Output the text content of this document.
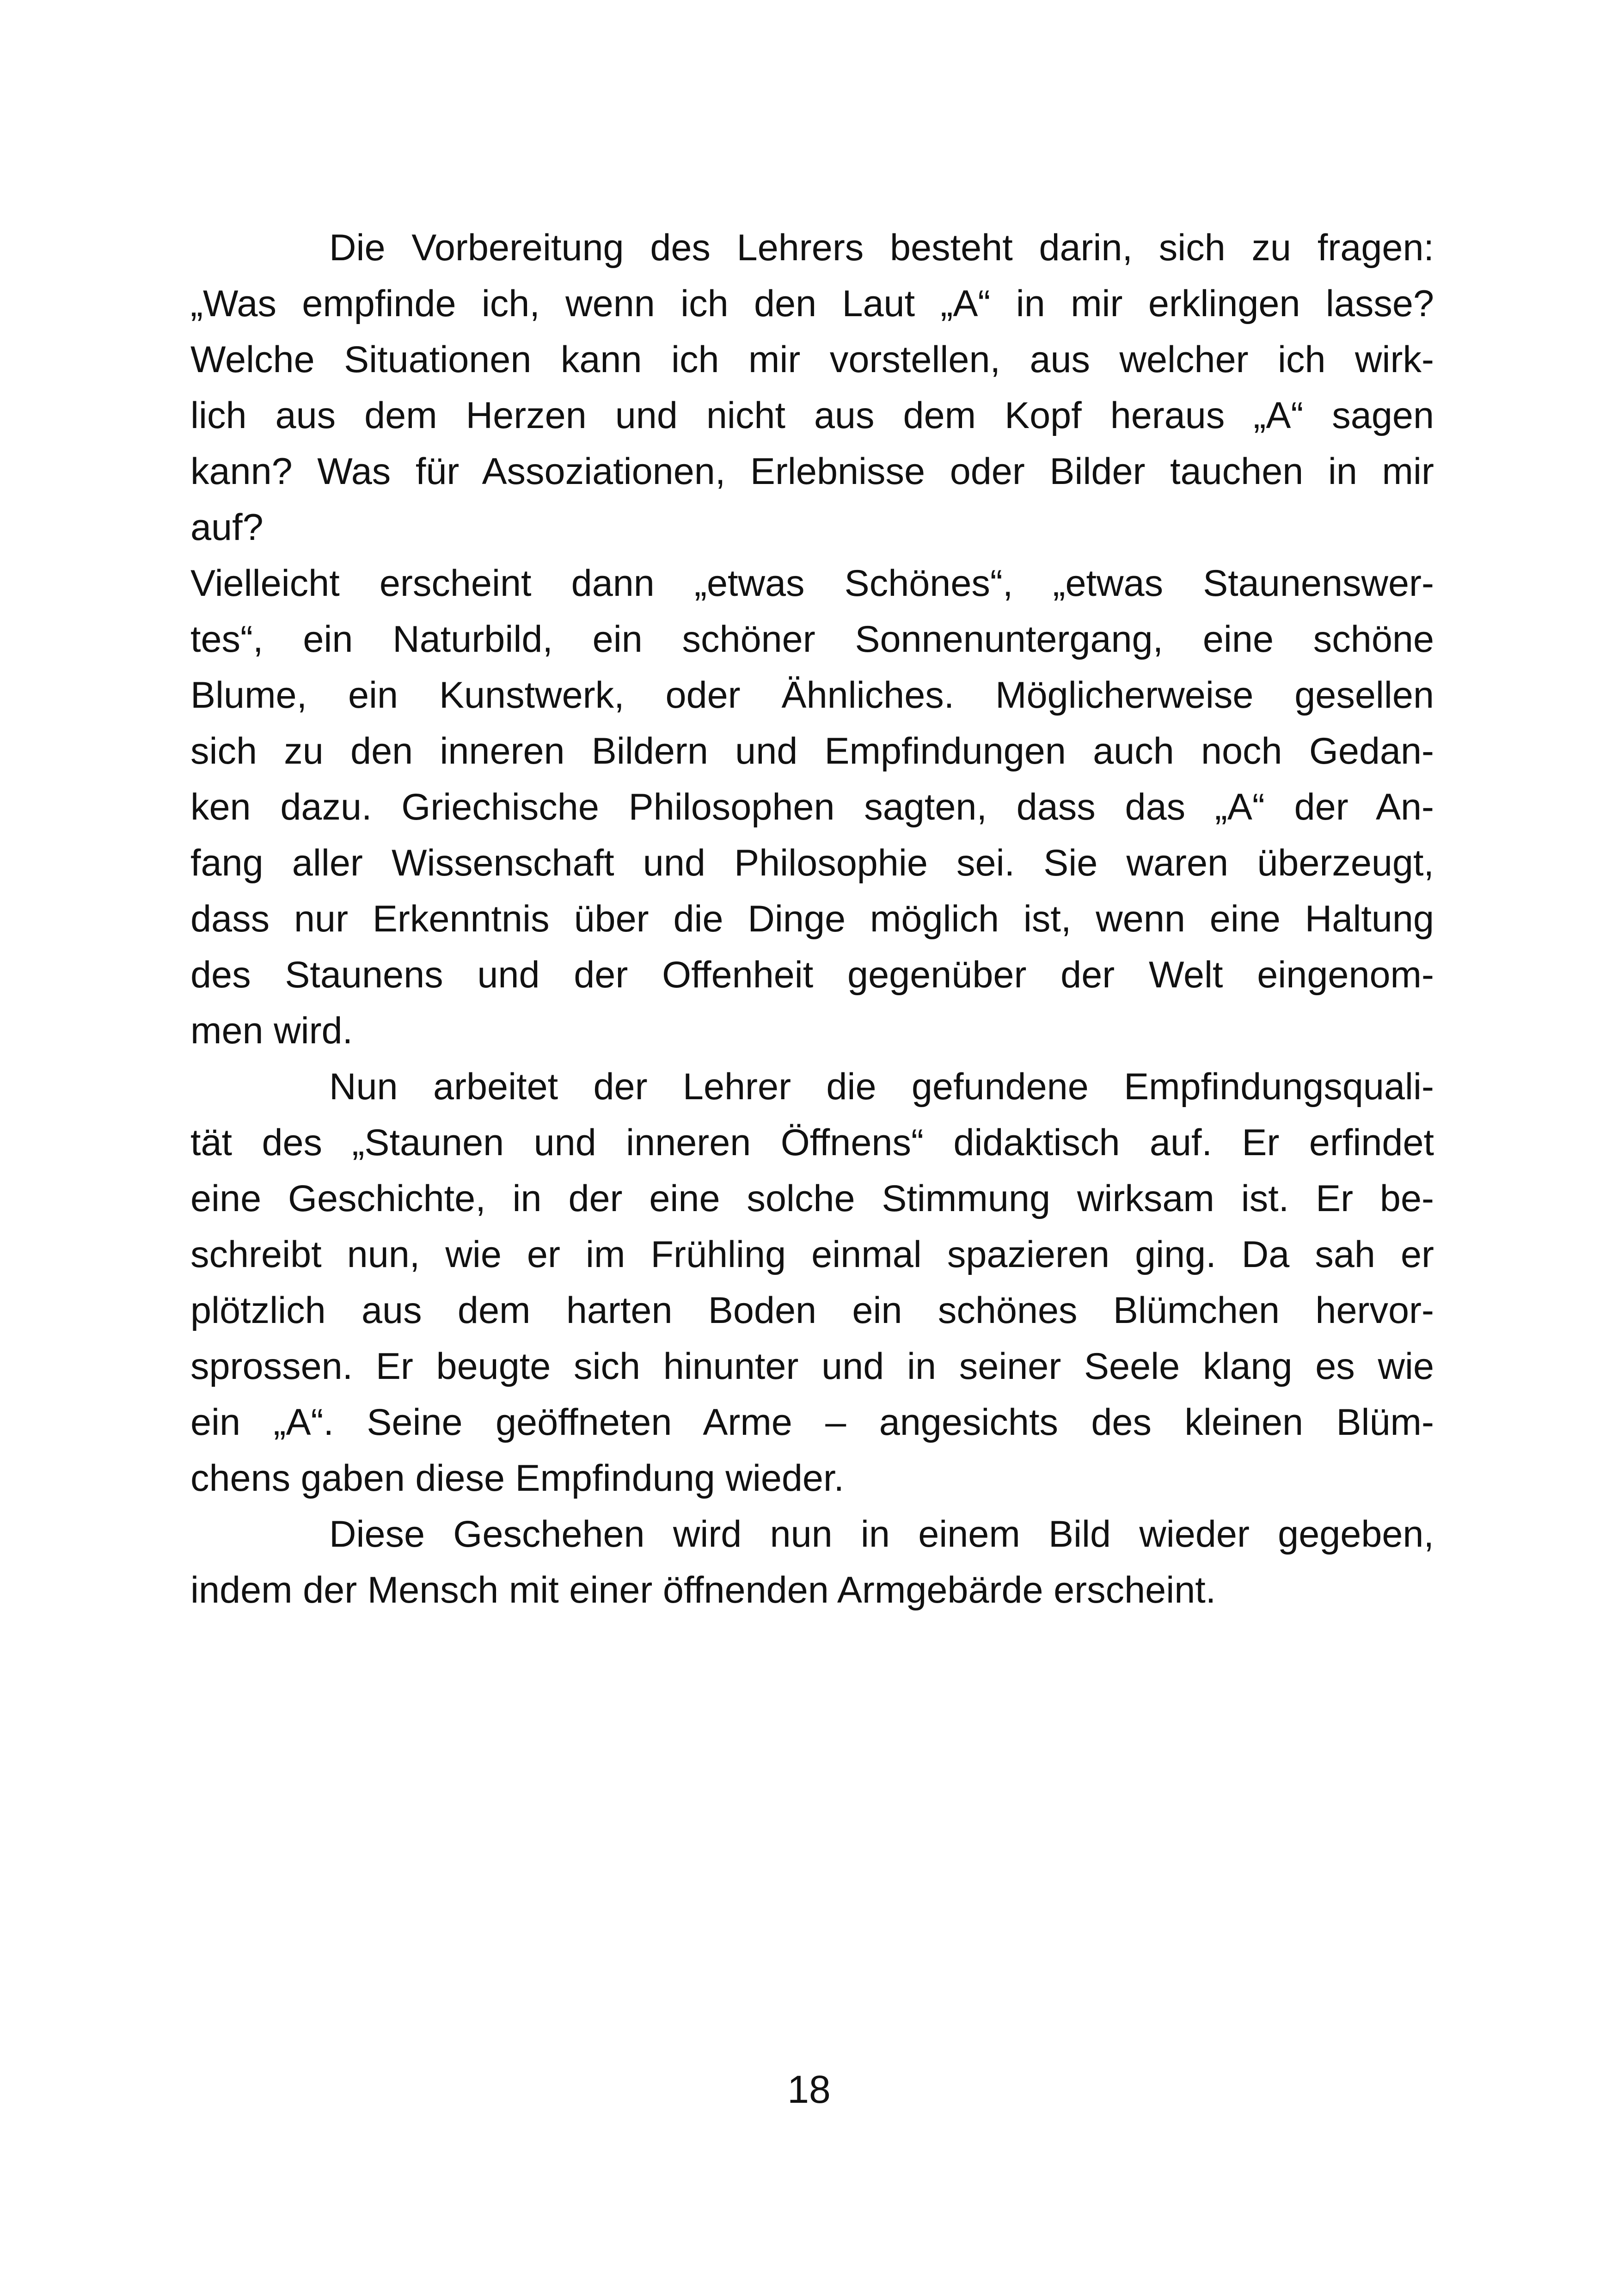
Die Vorbereitung des Lehrers besteht darin, sich zu fragen:
„Was empfinde ich, wenn ich den Laut „A“ in mir erklingen lasse?
Welche Situationen kann ich mir vorstellen, aus welcher ich wirk-
lich aus dem Herzen und nicht aus dem Kopf heraus „A“ sagen
kann? Was für Assoziationen, Erlebnisse oder Bilder tauchen in mir
auf?
Vielleicht erscheint dann „etwas Schönes“, „etwas Staunenswer-
tes“, ein Naturbild, ein schöner Sonnenuntergang, eine schöne
Blume, ein Kunstwerk, oder Ähnliches. Möglicherweise gesellen
sich zu den inneren Bildern und Empfindungen auch noch Gedan-
ken dazu. Griechische Philosophen sagten, dass das „A“ der An-
fang aller Wissenschaft und Philosophie sei. Sie waren überzeugt,
dass nur Erkenntnis über die Dinge möglich ist, wenn eine Haltung
des Staunens und der Offenheit gegenüber der Welt eingenom-
men wird.
Nun arbeitet der Lehrer die gefundene Empfindungsquali-
tät des „Staunen und inneren Öffnens“ didaktisch auf. Er erfindet
eine Geschichte, in der eine solche Stimmung wirksam ist. Er be-
schreibt nun, wie er im Frühling einmal spazieren ging. Da sah er
plötzlich aus dem harten Boden ein schönes Blümchen hervor-
sprossen. Er beugte sich hinunter und in seiner Seele klang es wie
ein „A“. Seine geöffneten Arme – angesichts des kleinen Blüm-
chens gaben diese Empfindung wieder.
Diese Geschehen wird nun in einem Bild wieder gegeben,
indem der Mensch mit einer öffnenden Armgebärde erscheint.
18
